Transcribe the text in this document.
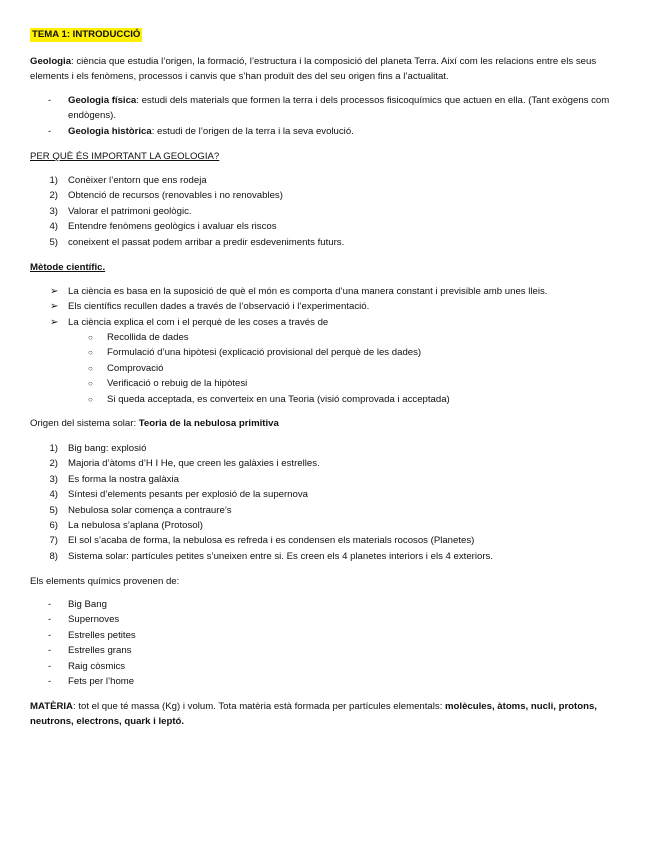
TEMA 1: INTRODUCCIÓ
Geologia: ciència que estudia l’origen, la formació, l’estructura i la composició del planeta Terra. Així com les relacions entre els seus elements i els fenòmens, processos i canvis que s’han produït des del seu origen fins a l’actualitat.
- Geologia física: estudi dels materials que formen la terra i dels processos fisicoquímics que actuen en ella. (Tant exògens com endògens).
- Geologia històrica: estudi de l’origen de la terra i la seva evolució.
PER QUÈ ÉS IMPORTANT LA GEOLOGIA?
1) Conèixer l’entorn que ens rodeja
2) Obtenció de recursos (renovables i no renovables)
3) Valorar el patrimoni geològic.
4) Entendre fenòmens geològics i avaluar els riscos
5) coneixent el passat podem arribar a predir esdeveniments futurs.
Mètode científic.
➢ La ciència es basa en la suposició de què el món es comporta d’una manera constant i previsible amb unes lleis.
➢ Els científics recullen dades a través de l’observació i l’experimentació.
➢ La ciència explica el com i el perquè de les coses a través de
○ Recollida de dades
○ Formulació d’una hipòtesi (explicació provisional del perquè de les dades)
○ Comprovació
○ Verificació o rebuig de la hipòtesi
○ Si queda acceptada, es converteix en una Teoria (visió comprovada i acceptada)
Origen del sistema solar: Teoria de la nebulosa primitiva
1) Big bang: explosió
2) Majoria d’àtoms d’H I He, que creen les galàxies i estrelles.
3) Es forma la nostra galàxia
4) Síntesi d’elements pesants per explosió de la supernova
5) Nebulosa solar comença a contraure’s
6) La nebulosa s’aplana (Protosol)
7) El sol s’acaba de forma, la nebulosa es refreda i es condensen els materials rocosos (Planetes)
8) Sistema solar: partícules petites s’uneixen entre si. Es creen els 4 planetes interiors i els 4 exteriors.
Els elements químics provenen de:
- Big Bang
- Supernoves
- Estrelles petites
- Estrelles grans
- Raig còsmics
- Fets per l’home
MATÈRIA: tot el que té massa (Kg) i volum. Tota matèria està formada per partícules elementals: molècules, àtoms, nucli, protons, neutrons, electrons, quark i leptó.
